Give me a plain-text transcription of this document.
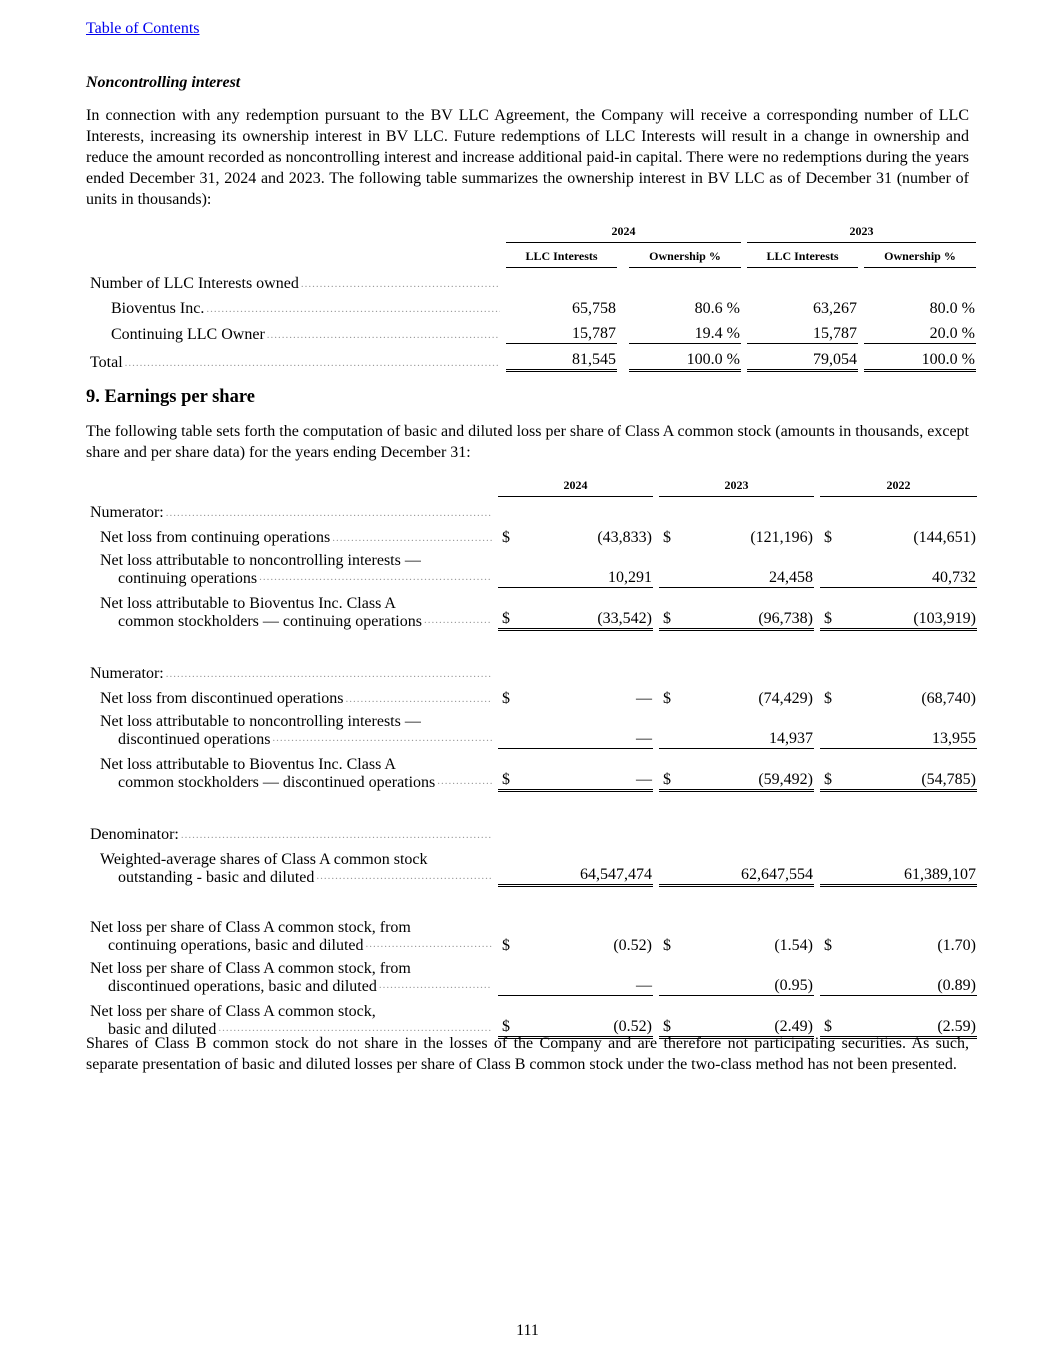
Table of Contents
Noncontrolling interest

In connection with any redemption pursuant to the BV LLC Agreement, the Company will receive a corresponding number of LLC Interests, increasing its ownership interest in BV LLC. Future redemptions of LLC Interests will result in a change in ownership and reduce the amount recorded as noncontrolling interest and increase additional paid-in capital. There were no redemptions during the years ended December 31, 2024 and 2023. The following table summarizes the ownership interest in BV LLC as of December 31 (number of units in thousands):

		2024				2023		
		LLC Interests		Ownership %		LLC Interests		Ownership %
Number of LLC Interests owned .....								
Bioventus Inc. .....		65,758		80.6 %		63,267		80.0 %
Continuing LLC Owner .....		15,787		19.4 %		15,787		20.0 %
Total .....		81,545		100.0 %		79,054		100.0 %
9. Earnings per share

The following table sets forth the computation of basic and diluted loss per share of Class A common stock (amounts in thousands, except share and per share data) for the years ending December 31:

		2024			2023			2022	
Numerator: .....	
Net loss from continuing operations .....		$	(43,833)		$	(121,196)		$	(144,651)

Net loss attributable to noncontrolling interests —
continuing operations .....			10,291			24,458			40,732

Net loss attributable to Bioventus Inc. Class A
common stockholders — continuing operations .....		$	(33,542)		$	(96,738)		$	(103,919)

Numerator: .....	
Net loss from discontinued operations .....		$	—		$	(74,429)		$	(68,740)

Net loss attributable to noncontrolling interests —
discontinued operations .....			—			14,937			13,955

Net loss attributable to Bioventus Inc. Class A
common stockholders — discontinued operations .....		$	—		$	(59,492)		$	(54,785)

Denominator: .....	

Weighted-average shares of Class A common stock
outstanding - basic and diluted .....			64,547,474			62,647,554			61,389,107

Net loss per share of Class A common stock, from
continuing operations, basic and diluted .....		$	(0.52)		$	(1.54)		$	(1.70)

Net loss per share of Class A common stock, from
discontinued operations, basic and diluted .....			—			(0.95)			(0.89)

Net loss per share of Class A common stock,
basic and diluted .....		$	(0.52)		$	(2.49)		$	(2.59)

Shares of Class B common stock do not share in the losses of the Company and are therefore not participating securities. As such, separate presentation of basic and diluted losses per share of Class B common stock under the two-class method has not been presented.

111
